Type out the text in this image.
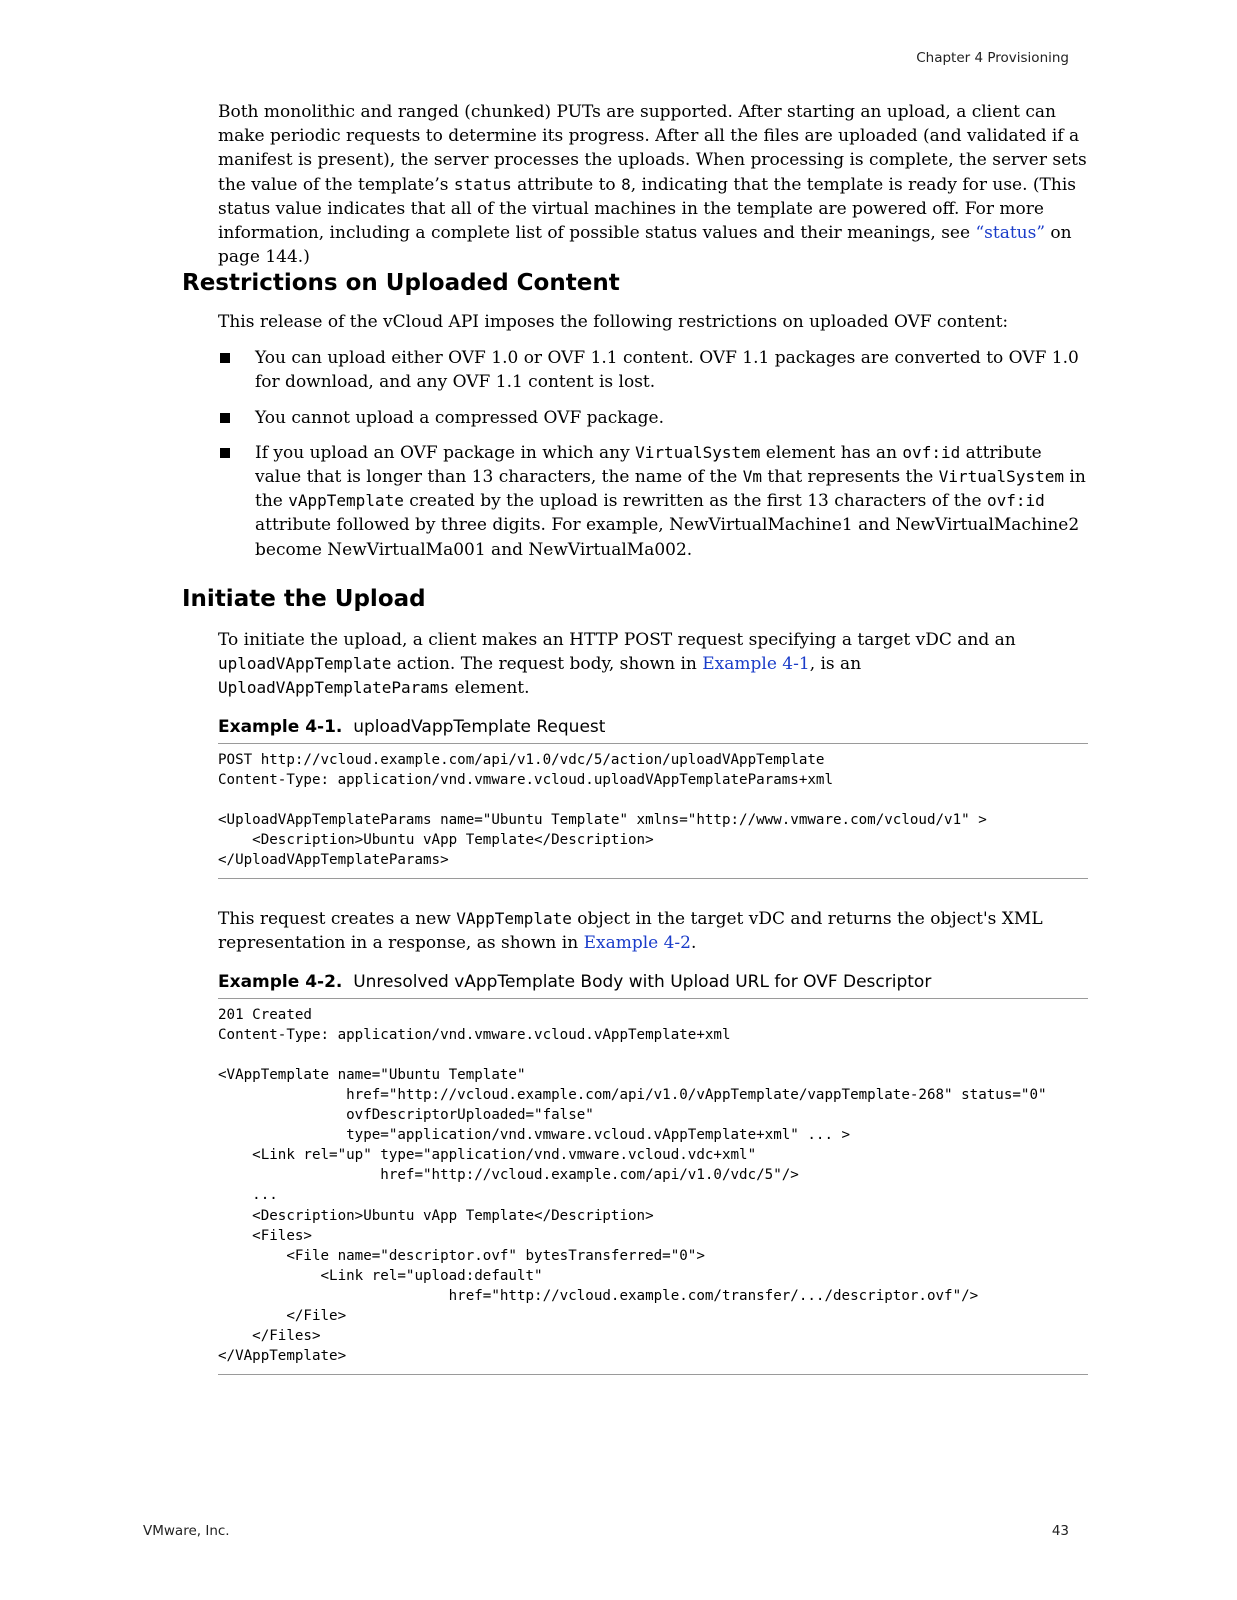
Chapter 4 Provisioning

Both monolithic and ranged (chunked) PUTs are supported. After starting an upload, a client can make periodic requests to determine its progress. After all the files are uploaded (and validated if a manifest is present), the server processes the uploads. When processing is complete, the server sets the value of the template’s status attribute to 8, indicating that the template is ready for use. (This status value indicates that all of the virtual machines in the template are powered off. For more information, including a complete list of possible status values and their meanings, see “status” on page 144.)

Restrictions on Uploaded Content

This release of the vCloud API imposes the following restrictions on uploaded OVF content:

You can upload either OVF 1.0 or OVF 1.1 content. OVF 1.1 packages are converted to OVF 1.0 for download, and any OVF 1.1 content is lost.
You cannot upload a compressed OVF package.
If you upload an OVF package in which any VirtualSystem element has an ovf:id attribute value that is longer than 13 characters, the name of the Vm that represents the VirtualSystem in the vAppTemplate created by the upload is rewritten as the first 13 characters of the ovf:id attribute followed by three digits. For example, NewVirtualMachine1 and NewVirtualMachine2 become NewVirtualMa001 and NewVirtualMa002.
Initiate the Upload

To initiate the upload, a client makes an HTTP POST request specifying a target vDC and an uploadVAppTemplate action. The request body, shown in Example 4-1, is an UploadVAppTemplateParams element.

Example 4-1. uploadVappTemplate Request

POST http://vcloud.example.com/api/v1.0/vdc/5/action/uploadVAppTemplate
Content-Type: application/vnd.vmware.vcloud.uploadVAppTemplateParams+xml

<UploadVAppTemplateParams name="Ubuntu Template" xmlns="http://www.vmware.com/vcloud/v1" >
<Description>Ubuntu vApp Template</Description>
</UploadVAppTemplateParams>

This request creates a new VAppTemplate object in the target vDC and returns the object's XML representation in a response, as shown in Example 4-2.

Example 4-2. Unresolved vAppTemplate Body with Upload URL for OVF Descriptor

201 Created
Content-Type: application/vnd.vmware.vcloud.vAppTemplate+xml

<VAppTemplate name="Ubuntu Template"
href="http://vcloud.example.com/api/v1.0/vAppTemplate/vappTemplate-268" status="0"
ovfDescriptorUploaded="false"
type="application/vnd.vmware.vcloud.vAppTemplate+xml" ... >
<Link rel="up" type="application/vnd.vmware.vcloud.vdc+xml"
href="http://vcloud.example.com/api/v1.0/vdc/5"/>
...
<Description>Ubuntu vApp Template</Description>
<Files>
<File name="descriptor.ovf" bytesTransferred="0">
<Link rel="upload:default"
href="http://vcloud.example.com/transfer/.../descriptor.ovf"/>
</File>
</Files>
</VAppTemplate>
VMware, Inc.	43
